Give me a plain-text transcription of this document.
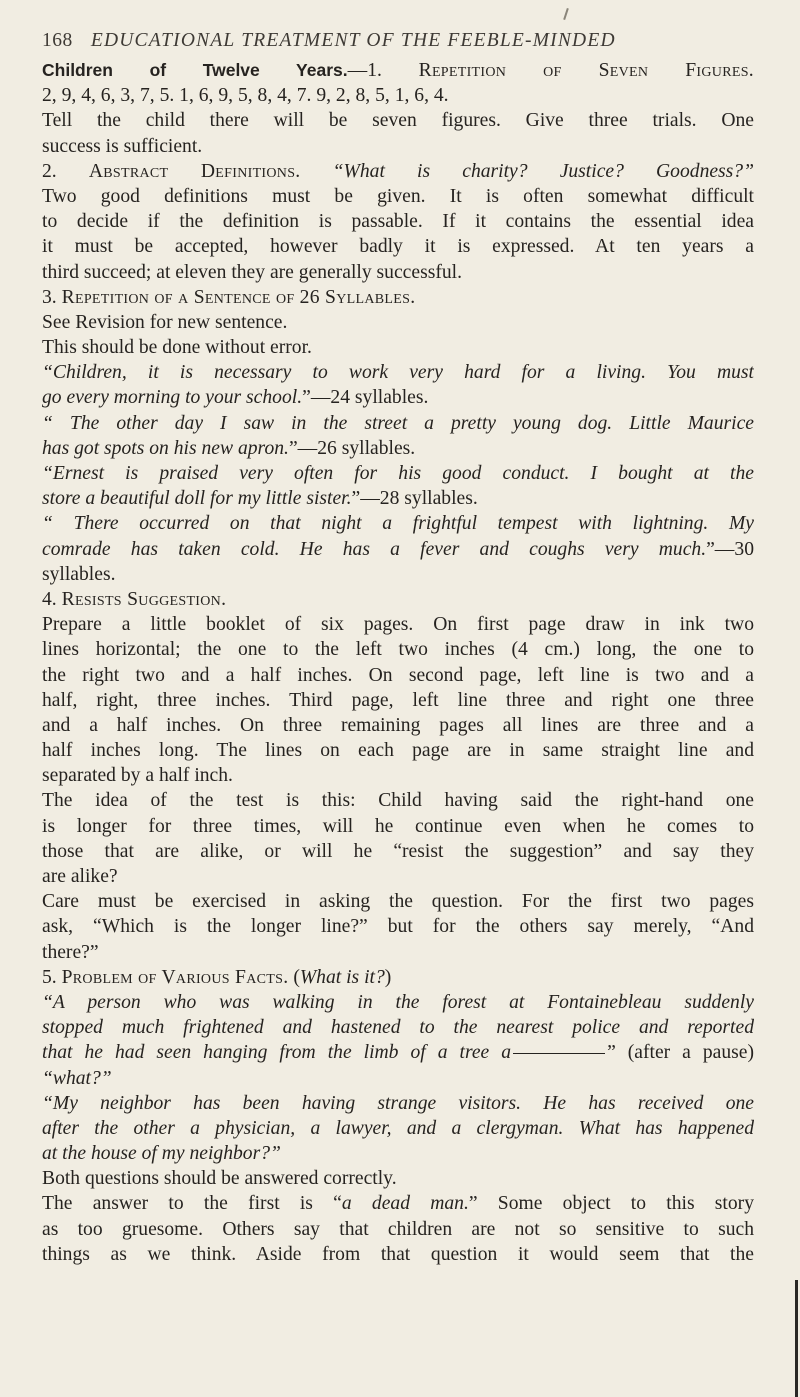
168 EDUCATIONAL TREATMENT OF THE FEEBLE-MINDED
Children of Twelve Years.—1. Repetition of Seven Figures.
2, 9, 4, 6, 3, 7, 5. 1, 6, 9, 5, 8, 4, 7. 9, 2, 8, 5, 1, 6, 4.
Tell the child there will be seven figures. Give three trials. One
success is sufficient.
2. Abstract Definitions. “What is charity? Justice? Goodness?”
Two good definitions must be given. It is often somewhat difficult
to decide if the definition is passable. If it contains the essential idea
it must be accepted, however badly it is expressed. At ten years a
third succeed; at eleven they are generally successful.
3. Repetition of a Sentence of 26 Syllables.
See Revision for new sentence.
This should be done without error.
“Children, it is necessary to work very hard for a living. You must
go every morning to your school.”—24 syllables.
“ The other day I saw in the street a pretty young dog. Little Maurice
has got spots on his new apron.”—26 syllables.
“Ernest is praised very often for his good conduct. I bought at the
store a beautiful doll for my little sister.”—28 syllables.
“ There occurred on that night a frightful tempest with lightning. My
comrade has taken cold. He has a fever and coughs very much.”—30
syllables.
4. Resists Suggestion.
Prepare a little booklet of six pages. On first page draw in ink two
lines horizontal; the one to the left two inches (4 cm.) long, the one to
the right two and a half inches. On second page, left line is two and a
half, right, three inches. Third page, left line three and right one three
and a half inches. On three remaining pages all lines are three and a
half inches long. The lines on each page are in same straight line and
separated by a half inch.
The idea of the test is this: Child having said the right-hand one
is longer for three times, will he continue even when he comes to
those that are alike, or will he “resist the suggestion” and say they
are alike?
Care must be exercised in asking the question. For the first two pages
ask, “Which is the longer line?” but for the others say merely, “And
there?”
5. Problem of Various Facts. (What is it?)
“A person who was walking in the forest at Fontainebleau suddenly
stopped much frightened and hastened to the nearest police and reported
that he had seen hanging from the limb of a tree a	” (after a pause)
“what?”
“My neighbor has been having strange visitors. He has received one
after the other a physician, a lawyer, and a clergyman. What has happened
at the house of my neighbor?”
Both questions should be answered correctly.
The answer to the first is “a dead man.” Some object to this story
as too gruesome. Others say that children are not so sensitive to such
things as we think. Aside from that question it would seem that the
